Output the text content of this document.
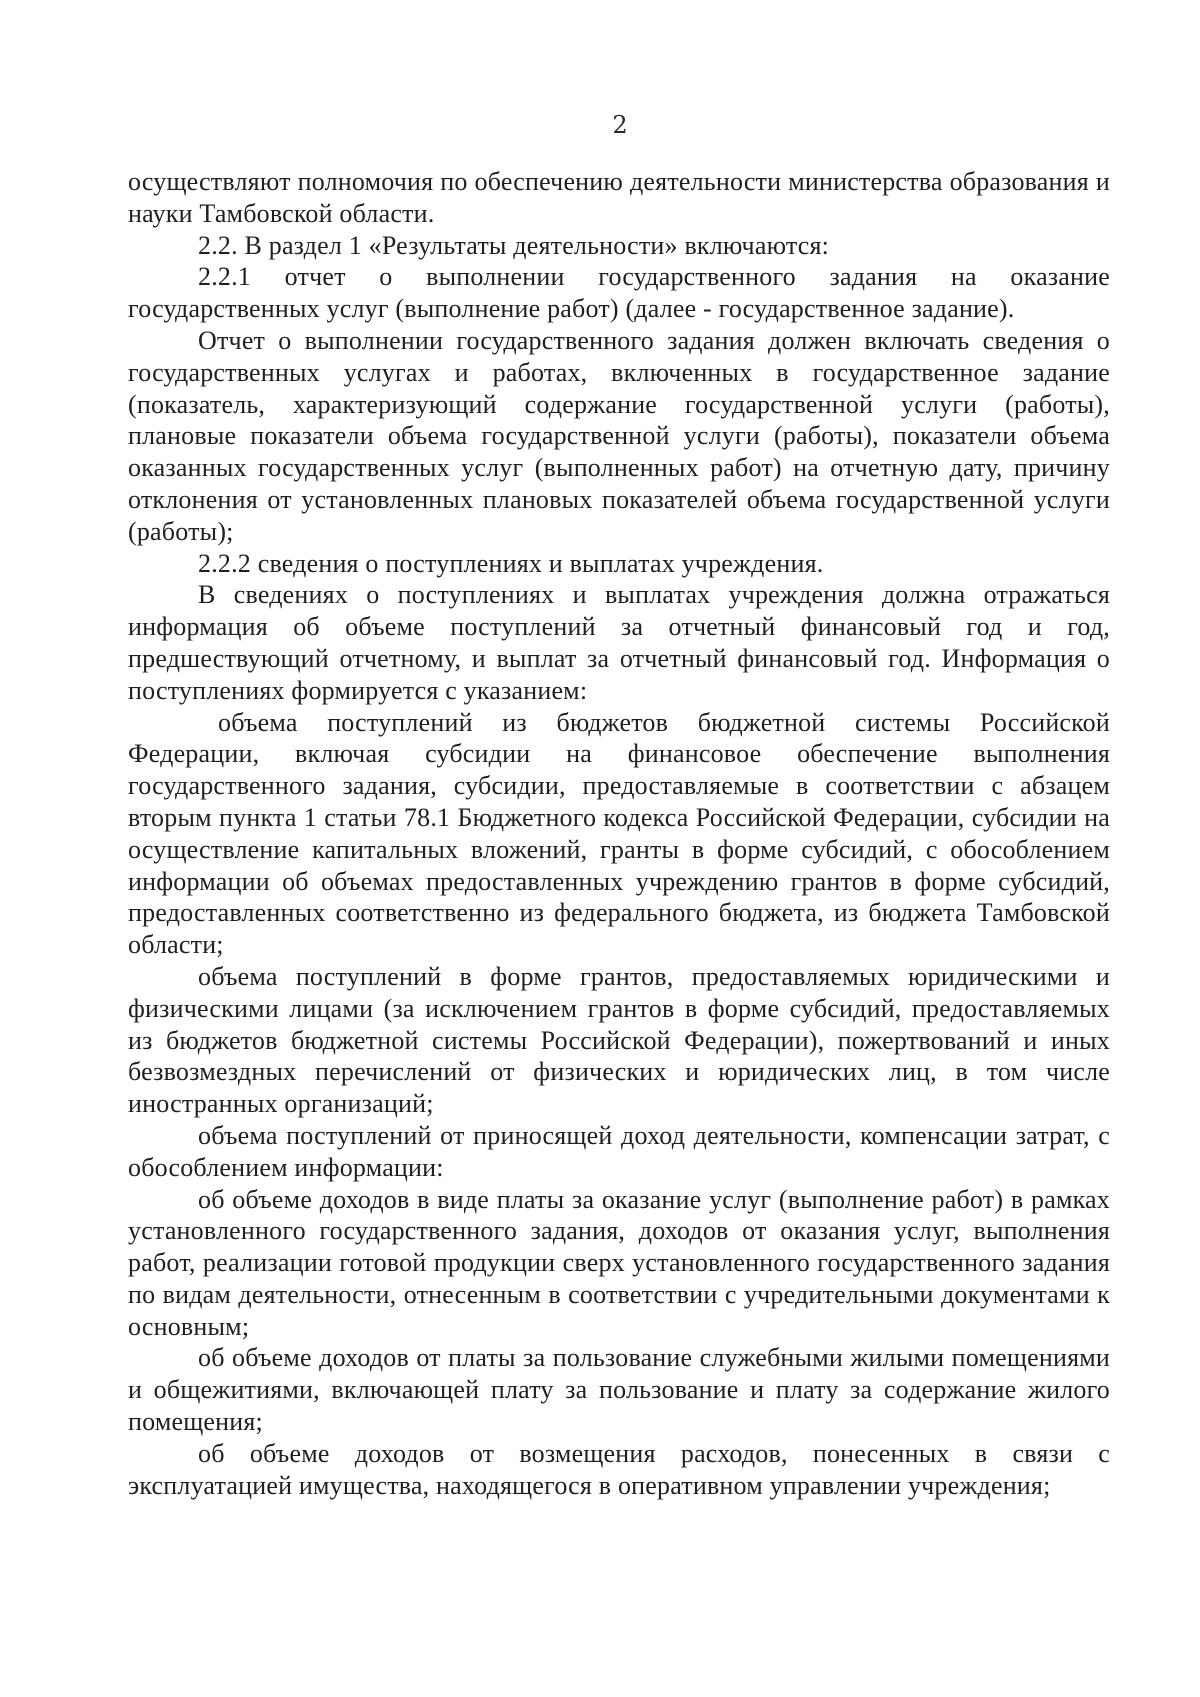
2

осуществляют полномочия по обеспечению деятельности министерства образования и науки Тамбовской области.

2.2. В раздел 1 «Результаты деятельности» включаются:

2.2.1 отчет о выполнении государственного задания на оказание государственных услуг (выполнение работ) (далее - государственное задание).

Отчет о выполнении государственного задания должен включать сведения о государственных услугах и работах, включенных в государственное задание (показатель, характеризующий содержание государственной услуги (работы), плановые показатели объема государственной услуги (работы), показатели объема оказанных государственных услуг (выполненных работ) на отчетную дату, причину отклонения от установленных плановых показателей объема государственной услуги (работы);

2.2.2 сведения о поступлениях и выплатах учреждения.

В сведениях о поступлениях и выплатах учреждения должна отражаться информация об объеме поступлений за отчетный финансовый год и год, предшествующий отчетному, и выплат за отчетный финансовый год. Информация о поступлениях формируется с указанием:

объема поступлений из бюджетов бюджетной системы Российской Федерации, включая субсидии на финансовое обеспечение выполнения государственного задания, субсидии, предоставляемые в соответствии с абзацем вторым пункта 1 статьи 78.1 Бюджетного кодекса Российской Федерации, субсидии на осуществление капитальных вложений, гранты в форме субсидий, с обособлением информации об объемах предоставленных учреждению грантов в форме субсидий, предоставленных соответственно из федерального бюджета, из бюджета Тамбовской области;

объема поступлений в форме грантов, предоставляемых юридическими и физическими лицами (за исключением грантов в форме субсидий, предоставляемых из бюджетов бюджетной системы Российской Федерации), пожертвований и иных безвозмездных перечислений от физических и юридических лиц, в том числе иностранных организаций;

объема поступлений от приносящей доход деятельности, компенсации затрат, с обособлением информации:

об объеме доходов в виде платы за оказание услуг (выполнение работ) в рамках установленного государственного задания, доходов от оказания услуг, выполнения работ, реализации готовой продукции сверх установленного государственного задания по видам деятельности, отнесенным в соответствии с учредительными документами к основным;

об объеме доходов от платы за пользование служебными жилыми помещениями и общежитиями, включающей плату за пользование и плату за содержание жилого помещения;

об объеме доходов от возмещения расходов, понесенных в связи с эксплуатацией имущества, находящегося в оперативном управлении учреждения;
